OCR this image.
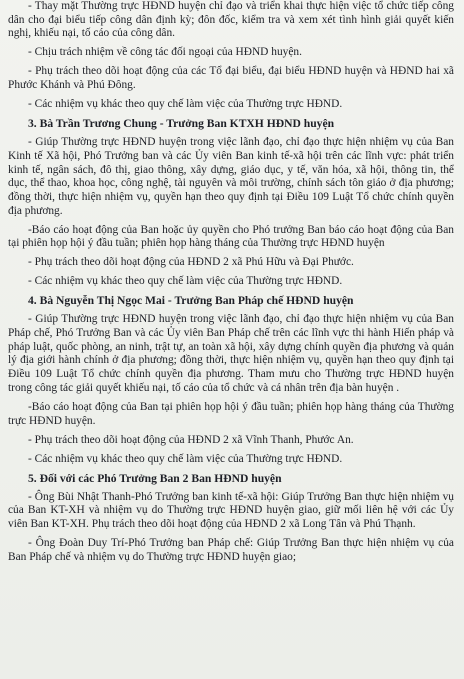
- Thay mặt Thường trực HĐND huyện chỉ đạo và triển khai thực hiện việc tổ chức tiếp công dân cho đại biểu tiếp công dân định kỳ; đôn đốc, kiểm tra và xem xét tình hình giải quyết kiến nghị, khiếu nại, tố cáo của công dân.

- Chịu trách nhiệm về công tác đối ngoại của HĐND huyện.

- Phụ trách theo dõi hoạt động của các Tổ đại biểu, đại biểu HĐND huyện và HĐND hai xã Phước Khánh và Phú Đông.

- Các nhiệm vụ khác theo quy chế làm việc của Thường trực HĐND.

3. Bà Trần Trương Chung - Trưởng Ban KTXH HĐND huyện

- Giúp Thường trực HĐND huyện trong việc lãnh đạo, chỉ đạo thực hiện nhiệm vụ của Ban Kinh tế Xã hội, Phó Trưởng ban và các Ủy viên Ban kinh tế-xã hội trên các lĩnh vực: phát triển kinh tế, ngân sách, đô thị, giao thông, xây dựng, giáo dục, y tế, văn hóa, xã hội, thông tin, thể dục, thể thao, khoa học, công nghệ, tài nguyên và môi trường, chính sách tôn giáo ở địa phương; đồng thời, thực hiện nhiệm vụ, quyền hạn theo quy định tại Điều 109 Luật Tổ chức chính quyền địa phương.

-Báo cáo hoạt động của Ban hoặc ủy quyền cho Phó trưởng Ban báo cáo hoạt động của Ban tại phiên họp hội ý đầu tuần; phiên họp hàng tháng của Thường trực HĐND huyện

- Phụ trách theo dõi hoạt động của HĐND 2 xã Phú Hữu và Đại Phước.

- Các nhiệm vụ khác theo quy chế làm việc của Thường trực HĐND.

4. Bà Nguyễn Thị Ngọc Mai - Trưởng Ban Pháp chế HĐND huyện

- Giúp Thường trực HĐND huyện trong việc lãnh đạo, chỉ đạo thực hiện nhiệm vụ của Ban Pháp chế, Phó Trưởng Ban và các Ủy viên Ban Pháp chế trên các lĩnh vực thi hành Hiến pháp và pháp luật, quốc phòng, an ninh, trật tự, an toàn xã hội, xây dựng chính quyền địa phương và quản lý địa giới hành chính ở địa phương; đồng thời, thực hiện nhiệm vụ, quyền hạn theo quy định tại Điều 109 Luật Tổ chức chính quyền địa phương. Tham mưu cho Thường trực HĐND huyện trong công tác giải quyết khiếu nại, tố cáo của tổ chức và cá nhân trên địa bàn huyện .

-Báo cáo hoạt động của Ban tại phiên họp hội ý đầu tuần; phiên họp hàng tháng của Thường trực HĐND huyện.

- Phụ trách theo dõi hoạt động của HĐND 2 xã Vĩnh Thanh, Phước An.

- Các nhiệm vụ khác theo quy chế làm việc của Thường trực HĐND.

5. Đối với các Phó Trưởng Ban 2 Ban HĐND huyện

- Ông Bùi Nhật Thanh-Phó Trưởng ban kinh tế-xã hội: Giúp Trưởng Ban thực hiện nhiệm vụ của Ban KT-XH và nhiệm vụ do Thường trực HĐND huyện giao, giữ mối liên hệ với các Ủy viên Ban KT-XH. Phụ trách theo dõi hoạt động của HĐND 2 xã Long Tân và Phú Thạnh.

- Ông Đoàn Duy Trí-Phó Trưởng ban Pháp chế: Giúp Trưởng Ban thực hiện nhiệm vụ của Ban Pháp chế và nhiệm vụ do Thường trực HĐND huyện giao;
